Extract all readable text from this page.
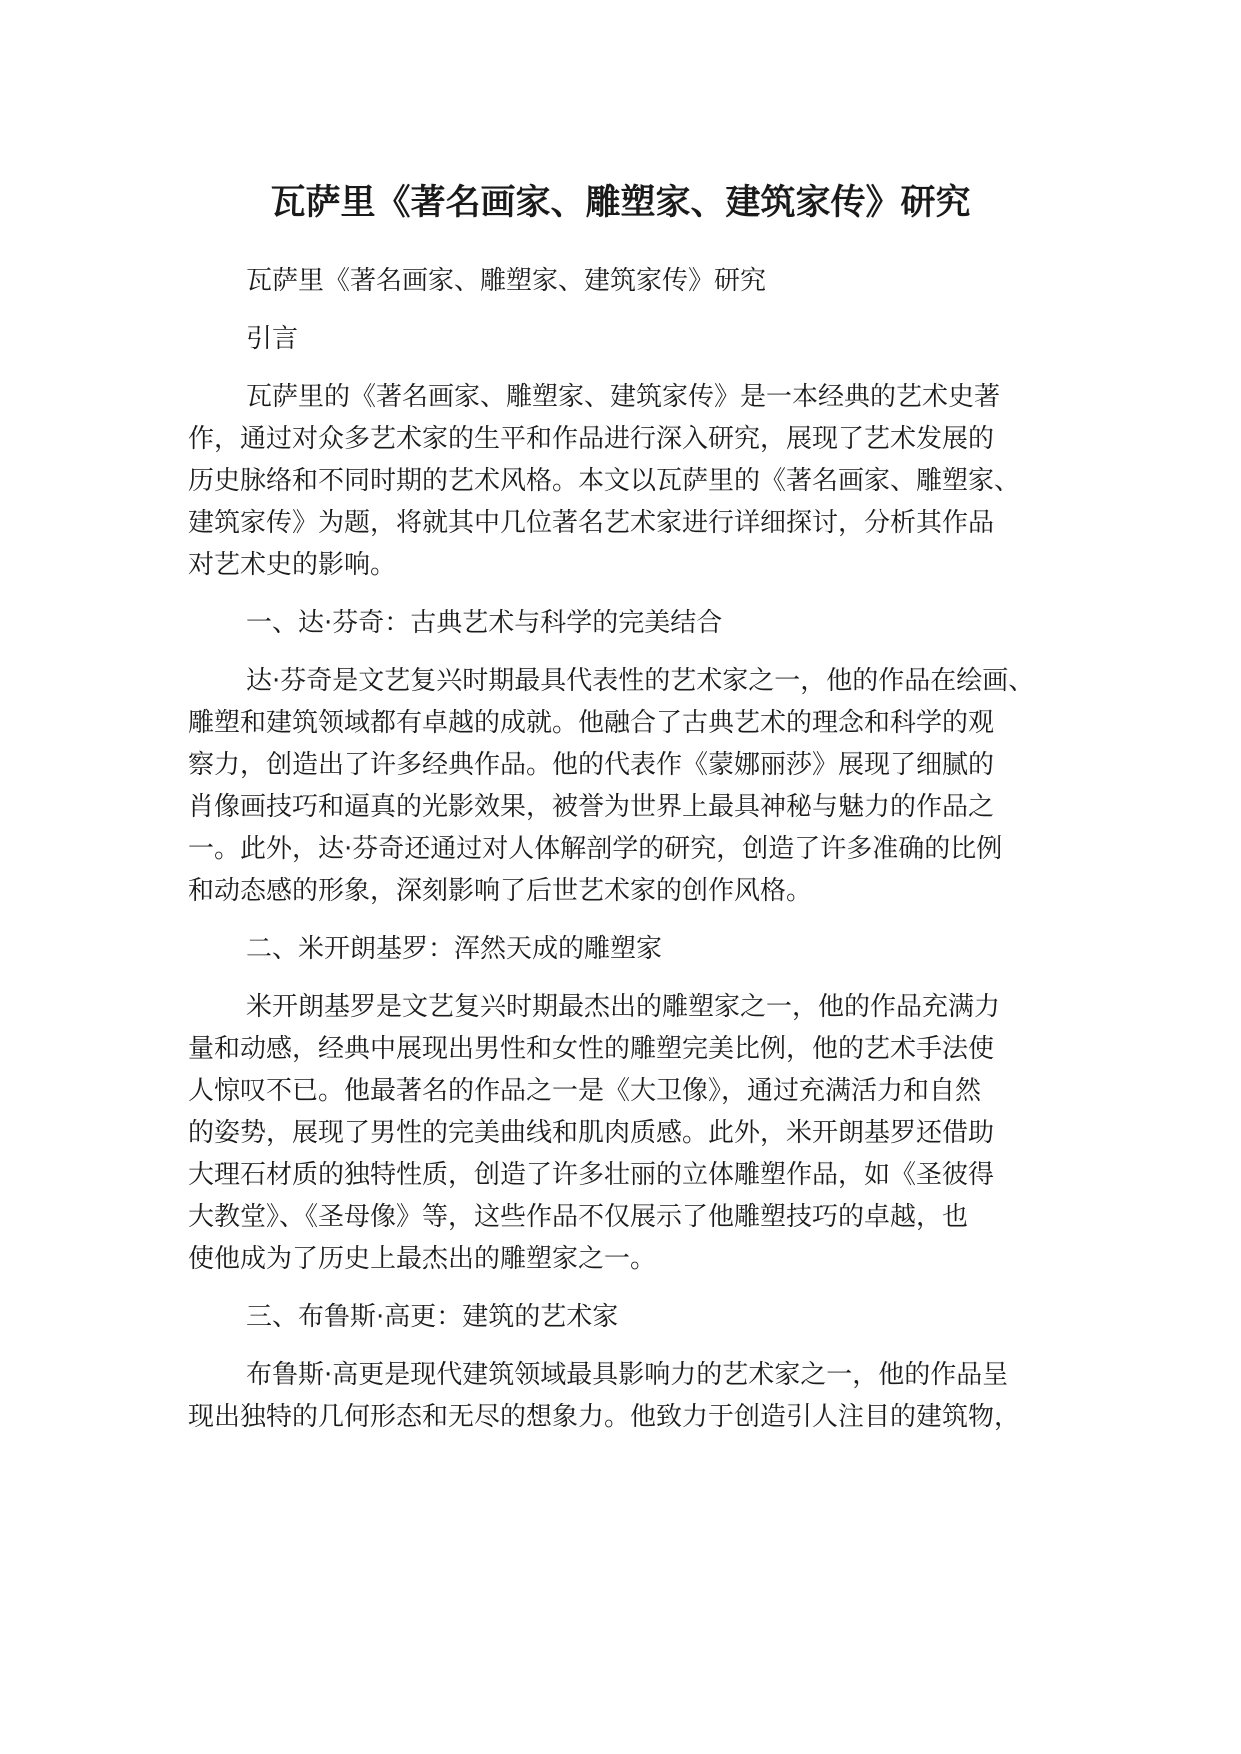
瓦萨里《著名画家、雕塑家、建筑家传》研究

瓦萨里《著名画家、雕塑家、建筑家传》研究

引言

瓦萨里的《著名画家、雕塑家、建筑家传》是一本经典的艺术史著

作，通过对众多艺术家的生平和作品进行深入研究，展现了艺术发展的

历史脉络和不同时期的艺术风格。本文以瓦萨里的《著名画家、雕塑家、

建筑家传》为题，将就其中几位著名艺术家进行详细探讨，分析其作品

对艺术史的影响。

一、达·芬奇：古典艺术与科学的完美结合

达·芬奇是文艺复兴时期最具代表性的艺术家之一，他的作品在绘画、

雕塑和建筑领域都有卓越的成就。他融合了古典艺术的理念和科学的观

察力，创造出了许多经典作品。他的代表作《蒙娜丽莎》展现了细腻的

肖像画技巧和逼真的光影效果，被誉为世界上最具神秘与魅力的作品之

一。此外，达·芬奇还通过对人体解剖学的研究，创造了许多准确的比例

和动态感的形象，深刻影响了后世艺术家的创作风格。

二、米开朗基罗：浑然天成的雕塑家

米开朗基罗是文艺复兴时期最杰出的雕塑家之一，他的作品充满力

量和动感，经典中展现出男性和女性的雕塑完美比例，他的艺术手法使

人惊叹不已。他最著名的作品之一是《大卫像》，通过充满活力和自然

的姿势，展现了男性的完美曲线和肌肉质感。此外，米开朗基罗还借助

大理石材质的独特性质，创造了许多壮丽的立体雕塑作品，如《圣彼得

大教堂》、《圣母像》等，这些作品不仅展示了他雕塑技巧的卓越，也

使他成为了历史上最杰出的雕塑家之一。

三、布鲁斯·高更：建筑的艺术家

布鲁斯·高更是现代建筑领域最具影响力的艺术家之一，他的作品呈

现出独特的几何形态和无尽的想象力。他致力于创造引人注目的建筑物，
